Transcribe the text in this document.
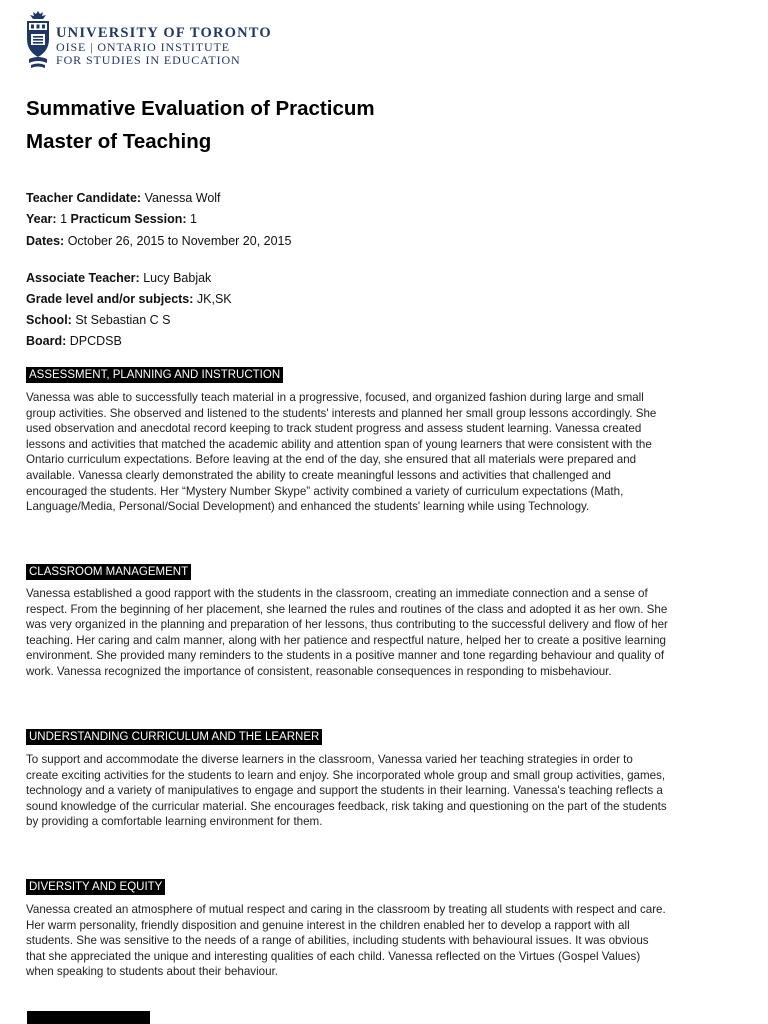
UNIVERSITY OF TORONTO
OISE | ONTARIO INSTITUTE
FOR STUDIES IN EDUCATION
Summative Evaluation of Practicum
Master of Teaching
Teacher Candidate: Vanessa Wolf
Year: 1 Practicum Session: 1
Dates: October 26, 2015 to November 20, 2015
Associate Teacher: Lucy Babjak
Grade level and/or subjects: JK,SK
School: St Sebastian C S
Board: DPCDSB
ASSESSMENT, PLANNING AND INSTRUCTION

Vanessa was able to successfully teach material in a progressive, focused, and organized fashion during large and small group activities. She observed and listened to the students' interests and planned her small group lessons accordingly. She used observation and anecdotal record keeping to track student progress and assess student learning. Vanessa created lessons and activities that matched the academic ability and attention span of young learners that were consistent with the Ontario curriculum expectations. Before leaving at the end of the day, she ensured that all materials were prepared and available. Vanessa clearly demonstrated the ability to create meaningful lessons and activities that challenged and encouraged the students. Her “Mystery Number Skype” activity combined a variety of curriculum expectations (Math, Language/Media, Personal/Social Development) and enhanced the students' learning while using Technology.

CLASSROOM MANAGEMENT

Vanessa established a good rapport with the students in the classroom, creating an immediate connection and a sense of respect. From the beginning of her placement, she learned the rules and routines of the class and adopted it as her own. She was very organized in the planning and preparation of her lessons, thus contributing to the successful delivery and flow of her teaching. Her caring and calm manner, along with her patience and respectful nature, helped her to create a positive learning environment. She provided many reminders to the students in a positive manner and tone regarding behaviour and quality of work. Vanessa recognized the importance of consistent, reasonable consequences in responding to misbehaviour.

UNDERSTANDING CURRICULUM AND THE LEARNER

To support and accommodate the diverse learners in the classroom, Vanessa varied her teaching strategies in order to create exciting activities for the students to learn and enjoy. She incorporated whole group and small group activities, games, technology and a variety of manipulatives to engage and support the students in their learning. Vanessa's teaching reflects a sound knowledge of the curricular material. She encourages feedback, risk taking and questioning on the part of the students by providing a comfortable learning environment for them.

DIVERSITY AND EQUITY

Vanessa created an atmosphere of mutual respect and caring in the classroom by treating all students with respect and care. Her warm personality, friendly disposition and genuine interest in the children enabled her to develop a rapport with all students. She was sensitive to the needs of a range of abilities, including students with behavioural issues. It was obvious that she appreciated the unique and interesting qualities of each child. Vanessa reflected on the Virtues (Gospel Values) when speaking to students about their behaviour.
